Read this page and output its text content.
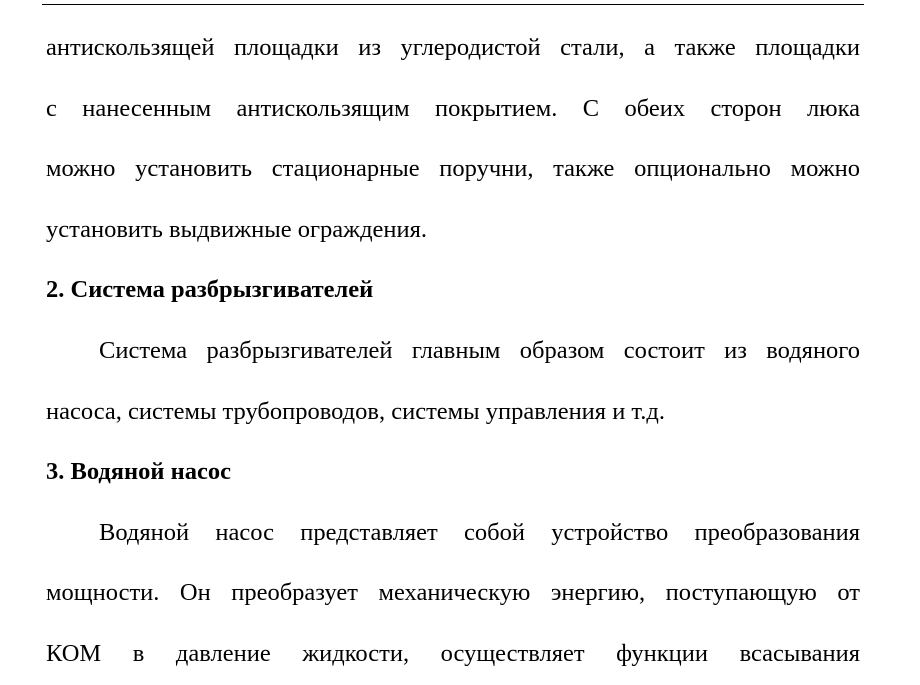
антискользящей площадки из углеродистой стали, а также площадки
с нанесенным антискользящим покрытием. С обеих сторон люка
можно установить стационарные поручни, также опционально можно
установить выдвижные ограждения.
2. Система разбрызгивателей
Система разбрызгивателей главным образом состоит из водяного
насоса, системы трубопроводов, системы управления и т.д.
3. Водяной насос
Водяной насос представляет собой устройство преобразования
мощности. Он преобразует механическую энергию, поступающую от
КОМ в давление жидкости, осуществляет функции всасывания
